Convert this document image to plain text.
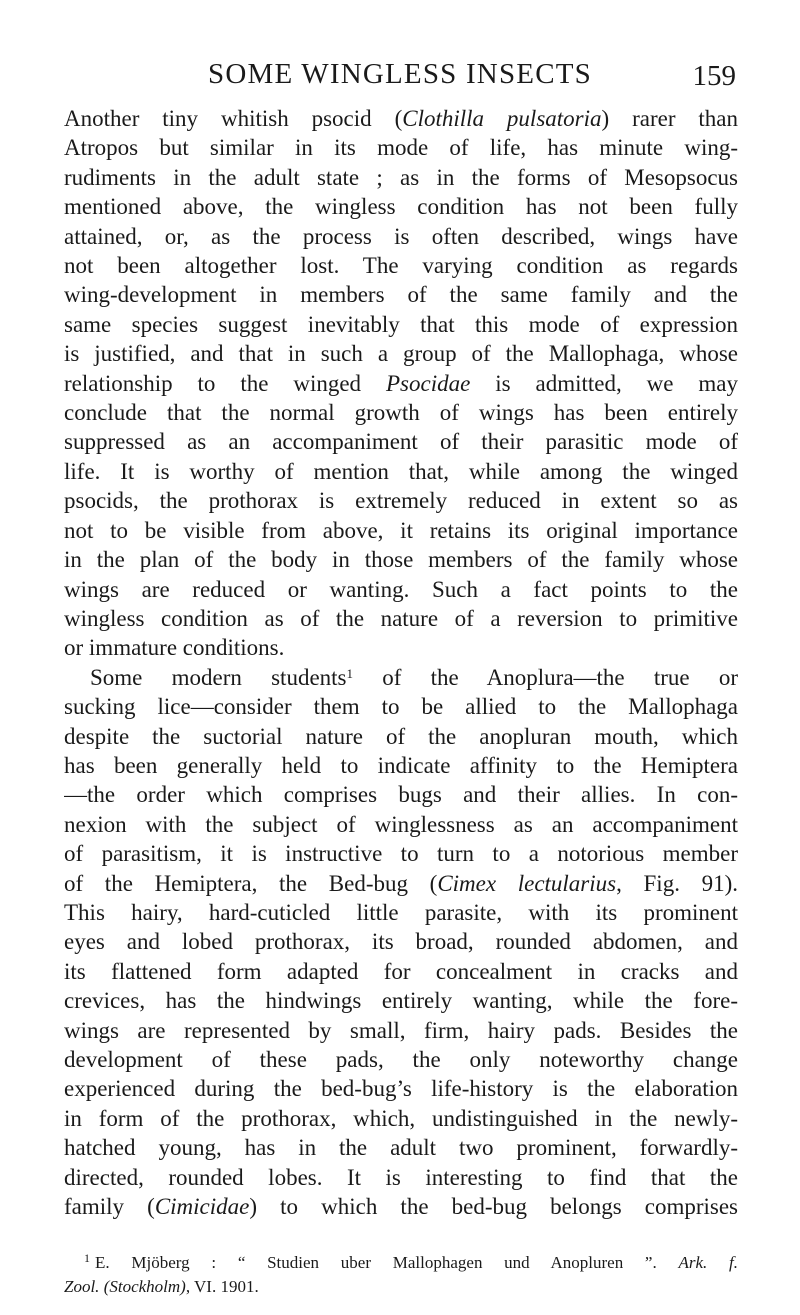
SOME WINGLESS INSECTS	159
Another tiny whitish psocid (Clothilla pulsatoria) rarer than
Atropos but similar in its mode of life, has minute wing-
rudiments in the adult state ; as in the forms of Mesopsocus
mentioned above, the wingless condition has not been fully
attained, or, as the process is often described, wings have
not been altogether lost. The varying condition as regards
wing-development in members of the same family and the
same species suggest inevitably that this mode of expression
is justified, and that in such a group of the Mallophaga, whose
relationship to the winged Psocidae is admitted, we may
conclude that the normal growth of wings has been entirely
suppressed as an accompaniment of their parasitic mode of
life. It is worthy of mention that, while among the winged
psocids, the prothorax is extremely reduced in extent so as
not to be visible from above, it retains its original importance
in the plan of the body in those members of the family whose
wings are reduced or wanting. Such a fact points to the
wingless condition as of the nature of a reversion to primitive
or immature conditions.
Some modern students$^1$ of the Anoplura—the true or
sucking lice—consider them to be allied to the Mallophaga
despite the suctorial nature of the anopluran mouth, which
has been generally held to indicate affinity to the Hemiptera
—the order which comprises bugs and their allies. In con-
nexion with the subject of winglessness as an accompaniment
of parasitism, it is instructive to turn to a notorious member
of the Hemiptera, the Bed-bug (Cimex lectularius, Fig. 91).
This hairy, hard-cuticled little parasite, with its prominent
eyes and lobed prothorax, its broad, rounded abdomen, and
its flattened form adapted for concealment in cracks and
crevices, has the hindwings entirely wanting, while the fore-
wings are represented by small, firm, hairy pads. Besides the
development of these pads, the only noteworthy change
experienced during the bed-bug’s life-history is the elaboration
in form of the prothorax, which, undistinguished in the newly-
hatched young, has in the adult two prominent, forwardly-
directed, rounded lobes. It is interesting to find that the
family (Cimicidae) to which the bed-bug belongs comprises
$^1$ E. Mjöberg : “ Studien uber Mallophagen und Anopluren ”. Ark. f.
Zool. (Stockholm), VI. 1901.
